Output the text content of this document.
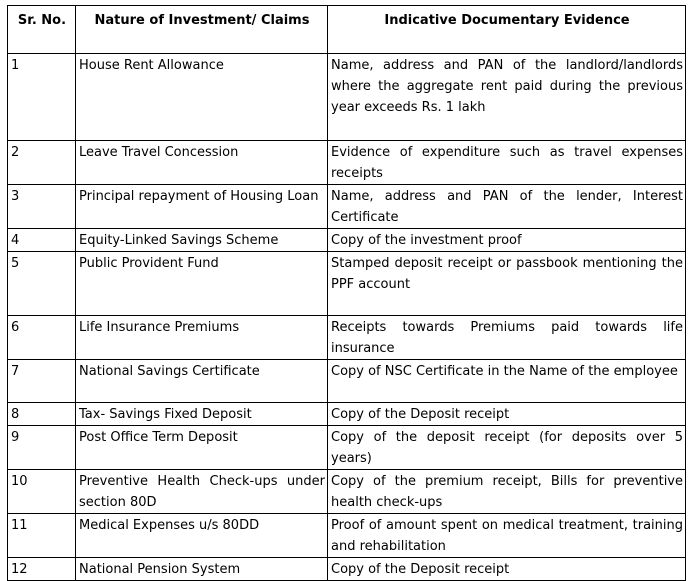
Sr. No.	Nature of Investment/ Claims	Indicative Documentary Evidence
1	House Rent Allowance	Name, address and PAN of the landlord/landlords where the aggregate rent paid during the previous year exceeds Rs. 1 lakh
2	Leave Travel Concession	Evidence of expenditure such as travel expenses receipts
3	Principal repayment of Housing Loan	Name, address and PAN of the lender, Interest Certificate
4	Equity-Linked Savings Scheme	Copy of the investment proof
5	Public Provident Fund	Stamped deposit receipt or passbook mentioning the PPF account
6	Life Insurance Premiums	Receipts towards Premiums paid towards life insurance
7	National Savings Certificate	Copy of NSC Certificate in the Name of the employee
8	Tax- Savings Fixed Deposit	Copy of the Deposit receipt
9	Post Office Term Deposit	Copy of the deposit receipt (for deposits over 5 years)
10	Preventive Health Check-ups under section 80D	Copy of the premium receipt, Bills for preventive health check-ups
11	Medical Expenses u/s 80DD	Proof of amount spent on medical treatment, training and rehabilitation
12	National Pension System	Copy of the Deposit receipt
